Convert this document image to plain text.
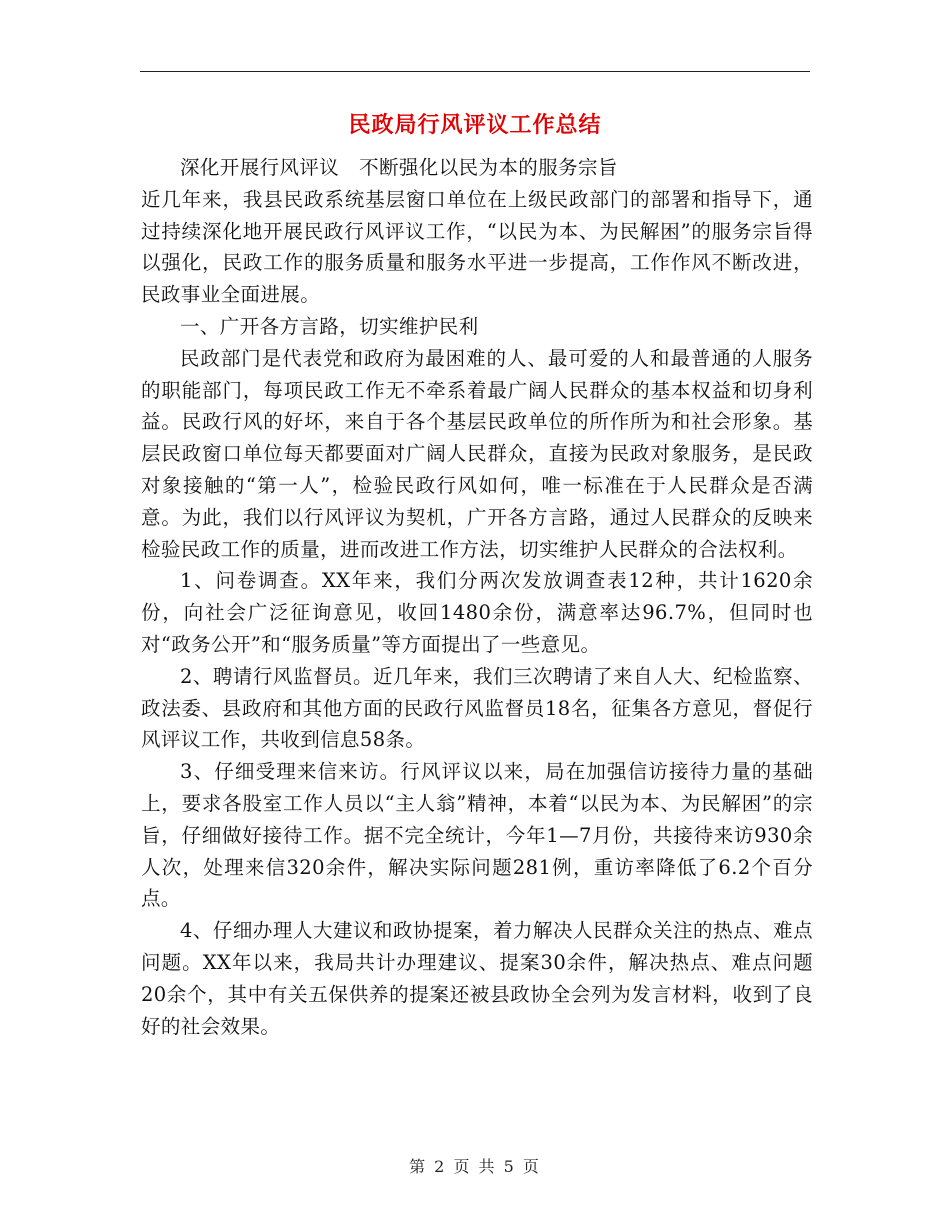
民政局行风评议工作总结

深化开展行风评议　不断强化以民为本的服务宗旨

近几年来，我县民政系统基层窗口单位在上级民政部门的部署和指导下，通过持续深化地开展民政行风评议工作，“以民为本、为民解困”的服务宗旨得以强化，民政工作的服务质量和服务水平进一步提高，工作作风不断改进，民政事业全面进展。

一、广开各方言路，切实维护民利

民政部门是代表党和政府为最困难的人、最可爱的人和最普通的人服务的职能部门，每项民政工作无不牵系着最广阔人民群众的基本权益和切身利益。民政行风的好坏，来自于各个基层民政单位的所作所为和社会形象。基层民政窗口单位每天都要面对广阔人民群众，直接为民政对象服务，是民政对象接触的“第一人”，检验民政行风如何，唯一标准在于人民群众是否满意。为此，我们以行风评议为契机，广开各方言路，通过人民群众的反映来检验民政工作的质量，进而改进工作方法，切实维护人民群众的合法权利。

1、问卷调查。XX年来，我们分两次发放调查表12种，共计1620余份，向社会广泛征询意见，收回1480余份，满意率达96.7%，但同时也对“政务公开”和“服务质量”等方面提出了一些意见。

2、聘请行风监督员。近几年来，我们三次聘请了来自人大、纪检监察、政法委、县政府和其他方面的民政行风监督员18名，征集各方意见，督促行风评议工作，共收到信息58条。

3、仔细受理来信来访。行风评议以来，局在加强信访接待力量的基础上，要求各股室工作人员以“主人翁”精神，本着“以民为本、为民解困”的宗旨，仔细做好接待工作。据不完全统计，今年1—7月份，共接待来访930余人次，处理来信320余件，解决实际问题281例，重访率降低了6.2个百分点。

4、仔细办理人大建议和政协提案，着力解决人民群众关注的热点、难点问题。XX年以来，我局共计办理建议、提案30余件，解决热点、难点问题20余个，其中有关五保供养的提案还被县政协全会列为发言材料，收到了良好的社会效果。

第 2 页 共 5 页
